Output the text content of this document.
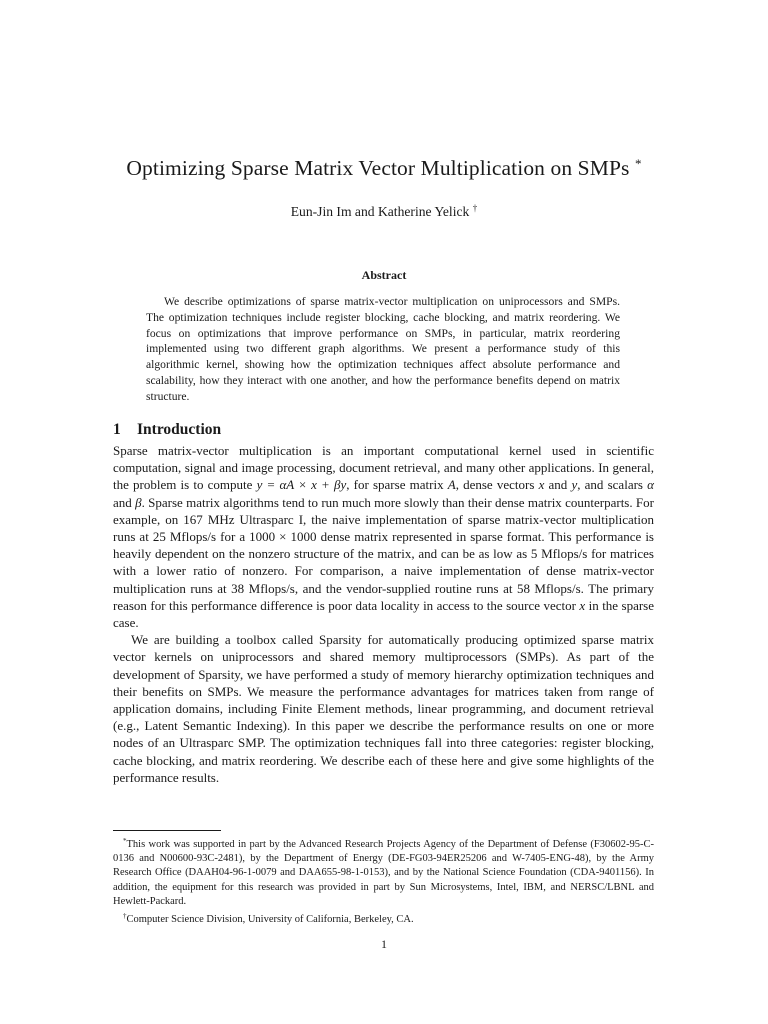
Optimizing Sparse Matrix Vector Multiplication on SMPs *
Eun-Jin Im and Katherine Yelick †
Abstract
We describe optimizations of sparse matrix-vector multiplication on uniprocessors and SMPs. The optimization techniques include register blocking, cache blocking, and matrix reordering. We focus on optimizations that improve performance on SMPs, in particular, matrix reordering implemented using two different graph algorithms. We present a performance study of this algorithmic kernel, showing how the optimization techniques affect absolute performance and scalability, how they interact with one another, and how the performance benefits depend on matrix structure.
1 Introduction

Sparse matrix-vector multiplication is an important computational kernel used in scientific computation, signal and image processing, document retrieval, and many other applications. In general, the problem is to compute y = αA × x + βy, for sparse matrix A, dense vectors x and y, and scalars α and β. Sparse matrix algorithms tend to run much more slowly than their dense matrix counterparts. For example, on 167 MHz Ultrasparc I, the naive implementation of sparse matrix-vector multiplication runs at 25 Mflops/s for a 1000 × 1000 dense matrix represented in sparse format. This performance is heavily dependent on the nonzero structure of the matrix, and can be as low as 5 Mflops/s for matrices with a lower ratio of nonzero. For comparison, a naive implementation of dense matrix-vector multiplication runs at 38 Mflops/s, and the vendor-supplied routine runs at 58 Mflops/s. The primary reason for this performance difference is poor data locality in access to the source vector x in the sparse case.

We are building a toolbox called Sparsity for automatically producing optimized sparse matrix vector kernels on uniprocessors and shared memory multiprocessors (SMPs). As part of the development of Sparsity, we have performed a study of memory hierarchy optimization techniques and their benefits on SMPs. We measure the performance advantages for matrices taken from range of application domains, including Finite Element methods, linear programming, and document retrieval (e.g., Latent Semantic Indexing). In this paper we describe the performance results on one or more nodes of an Ultrasparc SMP. The optimization techniques fall into three categories: register blocking, cache blocking, and matrix reordering. We describe each of these here and give some highlights of the performance results.

*This work was supported in part by the Advanced Research Projects Agency of the Department of Defense (F30602-95-C-0136 and N00600-93C-2481), by the Department of Energy (DE-FG03-94ER25206 and W-7405-ENG-48), by the Army Research Office (DAAH04-96-1-0079 and DAA655-98-1-0153), and by the National Science Foundation (CDA-9401156). In addition, the equipment for this research was provided in part by Sun Microsystems, Intel, IBM, and NERSC/LBNL and Hewlett-Packard.

†Computer Science Division, University of California, Berkeley, CA.

1
